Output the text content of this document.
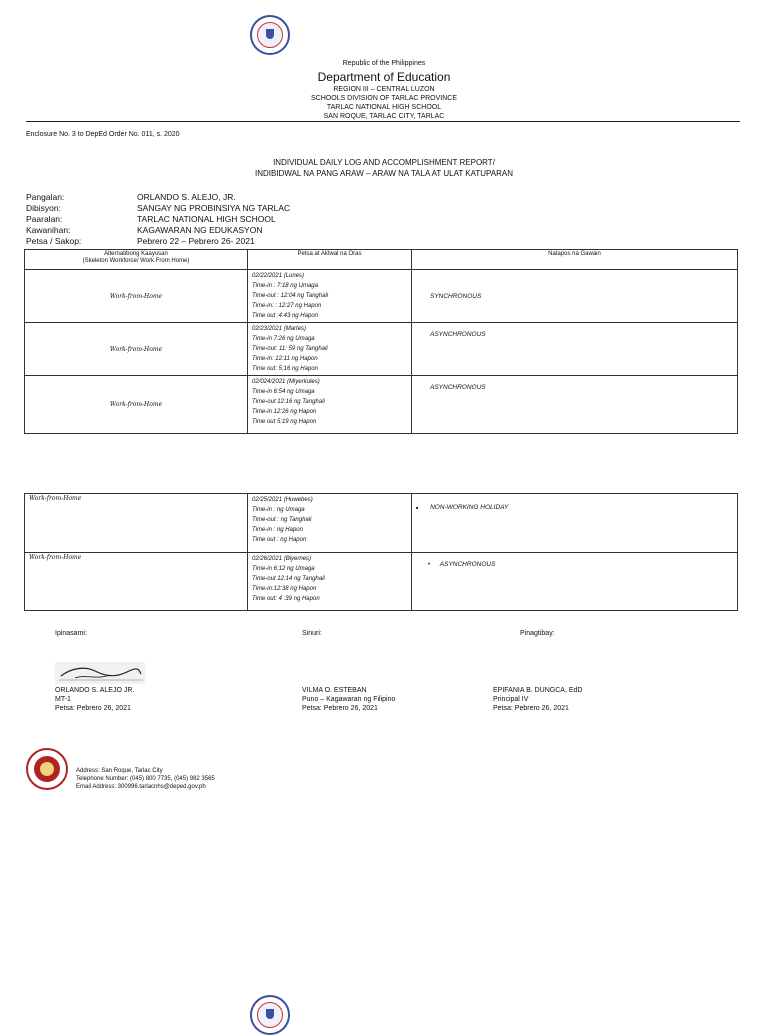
Republic of the Philippines
Department of Education
REGION III – CENTRAL LUZON
SCHOOLS DIVISION OF TARLAC PROVINCE
TARLAC NATIONAL HIGH SCHOOL
SAN ROQUE, TARLAC CITY, TARLAC
Enclosure No. 3 to DepEd Order No. 011, s. 2020
INDIVIDUAL DAILY LOG AND ACCOMPLISHMENT REPORT/
INDIBIDWAL NA PANG ARAW – ARAW NA TALA AT ULAT KATUPARAN
Pangalan:	ORLANDO S. ALEJO, JR.
Dibisyon:	SANGAY NG PROBINSIYA NG TARLAC
Paaralan:	TARLAC NATIONAL HIGH SCHOOL
Kawanihan:	KAGAWARAN NG EDUKASYON
Petsa / Sakop:	Pebrero 22 – Pebrero 26- 2021
Alternatibong Kaayusan
(Skeleton Workforce/ Work From Home)	Petsa at Aktwal na Oras	Natapos na Gawain
Work-from-Home	02/22/2021 (Lunes)
Time-in : 7:18 ng Umaga
Time-out : 12:04 ng Tanghali
Time-in: : 12:27 ng Hapon
Time out :4:43 ng Hapon	SYNCHRONOUS
Work-from-Home	02/23/2021 (Martes)
Time-in 7:26 ng Umaga
Time-out: 11: 59 ng Tanghali
Time-in: 12:11 ng Hapon
Time out: 5:16 ng Hapon	ASYNCHRONOUS
Work-from-Home	02/024/2021 (Miyerkules)
Time-in 6:54 ng Umaga
Time-out 12:16 ng Tanghali
Time-in 12:26 ng Hapon
Time out 5:19 ng Hapon	ASYNCHRONOUS
Work-from-Home	02/25/2021 (Huwebes)
Time-in : ng Umaga
Time-out : ng Tanghali
Time-in : ng Hapon
Time out : ng Hapon	■ NON-WORKING HOLIDAY
Work-from-Home	02/26/2021 (Biyernes)
Time-in 6:12 ng Umaga
Time-out 12:14 ng Tanghali
Time-in:12:38 ng Hapon
Time out: 4 :39 ng Hapon	• ASYNCHRONOUS
Ipinasami:	Sinuri:	Pinagtibay:
ORLANDO S. ALEJO JR.
MT-1
Petsa: Pebrero 26, 2021
VILMA O. ESTEBAN
Puno – Kagawaran ng Filipino
Petsa: Pebrero 26, 2021
EPIFANIA B. DUNGCA, EdD
Principal IV
Petsa: Pebrero 26, 2021
Address: San Roque, Tarlac City
Telephone Number: (045) 800 7735, (045) 982 3565
Email Address: 300996.tarlacnhs@deped.gov.ph
